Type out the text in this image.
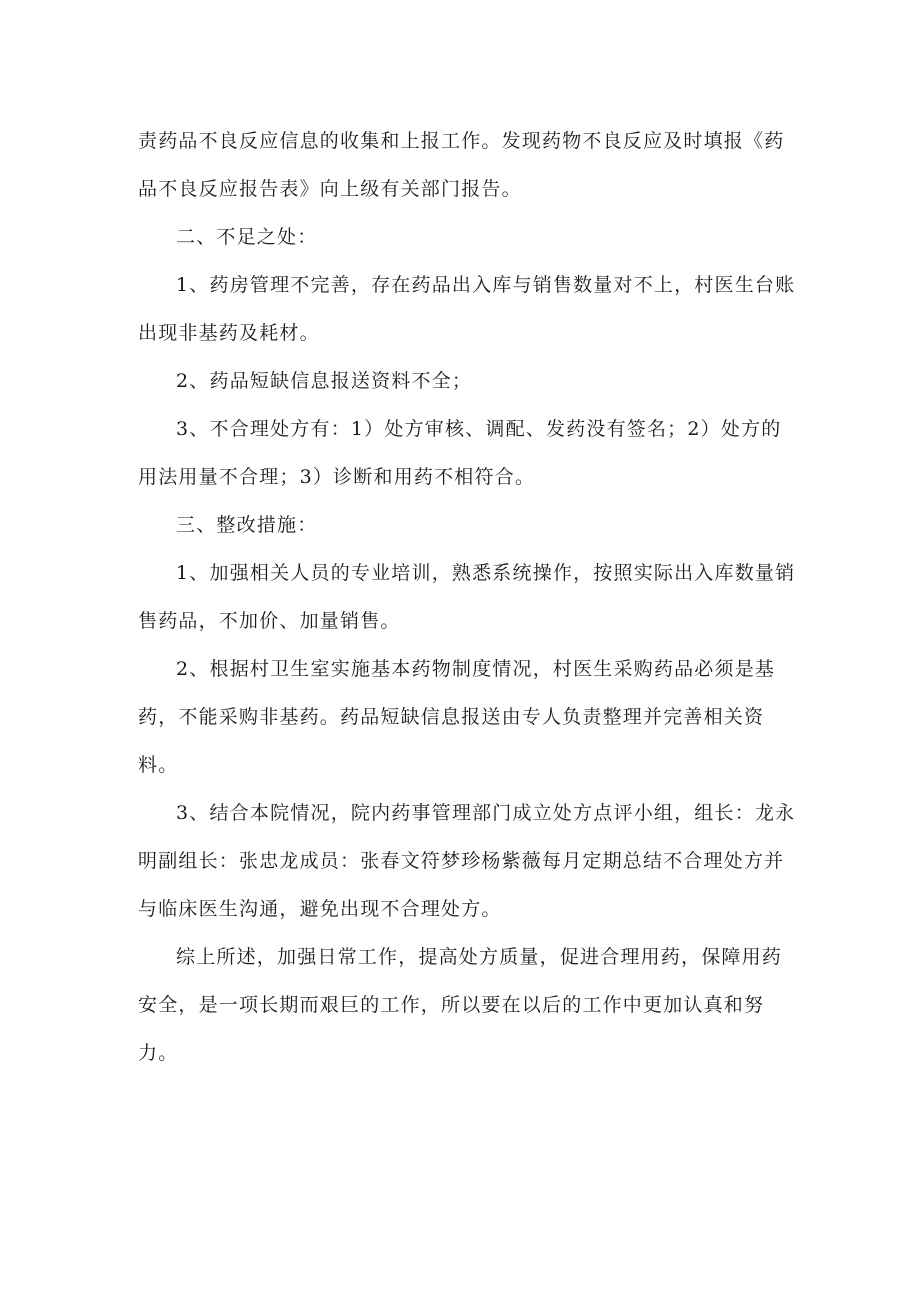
责药品不良反应信息的收集和上报工作。发现药物不良反应及时填报《药品不良反应报告表》向上级有关部门报告。

二、不足之处：

1、药房管理不完善，存在药品出入库与销售数量对不上，村医生台账出现非基药及耗材。

2、药品短缺信息报送资料不全；

3、不合理处方有：1）处方审核、调配、发药没有签名；2）处方的用法用量不合理；3）诊断和用药不相符合。

三、整改措施：

1、加强相关人员的专业培训，熟悉系统操作，按照实际出入库数量销售药品，不加价、加量销售。

2、根据村卫生室实施基本药物制度情况，村医生采购药品必须是基药，不能采购非基药。药品短缺信息报送由专人负责整理并完善相关资料。

3、结合本院情况，院内药事管理部门成立处方点评小组，组长：龙永明副组长：张忠龙成员：张春文符梦珍杨紫薇每月定期总结不合理处方并与临床医生沟通，避免出现不合理处方。

综上所述，加强日常工作，提高处方质量，促进合理用药，保障用药安全，是一项长期而艰巨的工作，所以要在以后的工作中更加认真和努力。
